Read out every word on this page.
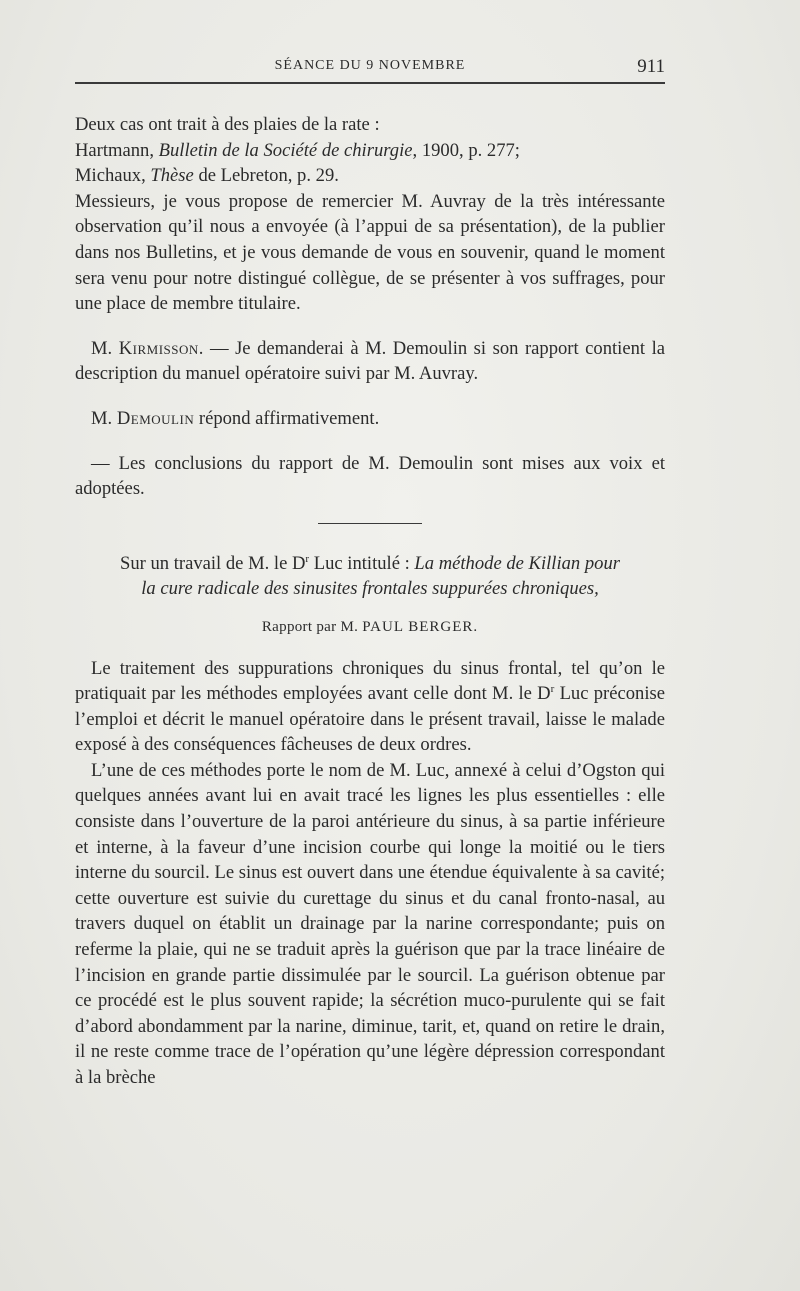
SÉANCE DU 9 NOVEMBRE	911

Deux cas ont trait à des plaies de la rate :

Hartmann, Bulletin de la Société de chirurgie, 1900, p. 277;

Michaux, Thèse de Lebreton, p. 29.

Messieurs, je vous propose de remercier M. Auvray de la très intéressante observation qu’il nous a envoyée (à l’appui de sa présentation), de la publier dans nos Bulletins, et je vous demande de vous en souvenir, quand le moment sera venu pour notre distingué collègue, de se présenter à vos suffrages, pour une place de membre titulaire.

M. Kirmisson. — Je demanderai à M. Demoulin si son rapport contient la description du manuel opératoire suivi par M. Auvray.

M. Demoulin répond affirmativement.

— Les conclusions du rapport de M. Demoulin sont mises aux voix et adoptées.

Sur un travail de M. le $D^r$ Luc intitulé : La méthode de Killian pour
la cure radicale des sinusites frontales suppurées chroniques,
Rapport par M. PAUL BERGER.

Le traitement des suppurations chroniques du sinus frontal, tel qu’on le pratiquait par les méthodes employées avant celle dont M. le $D^r$ Luc préconise l’emploi et décrit le manuel opératoire dans le présent travail, laisse le malade exposé à des conséquences fâcheuses de deux ordres.

L’une de ces méthodes porte le nom de M. Luc, annexé à celui d’Ogston qui quelques années avant lui en avait tracé les lignes les plus essentielles : elle consiste dans l’ouverture de la paroi antérieure du sinus, à sa partie inférieure et interne, à la faveur d’une incision courbe qui longe la moitié ou le tiers interne du sourcil. Le sinus est ouvert dans une étendue équivalente à sa cavité; cette ouverture est suivie du curettage du sinus et du canal fronto-nasal, au travers duquel on établit un drainage par la narine correspondante; puis on referme la plaie, qui ne se traduit après la guérison que par la trace linéaire de l’incision en grande partie dissimulée par le sourcil. La guérison obtenue par ce procédé est le plus souvent rapide; la sécrétion muco-purulente qui se fait d’abord abondamment par la narine, diminue, tarit, et, quand on retire le drain, il ne reste comme trace de l’opération qu’une légère dépression correspondant à la brèche
